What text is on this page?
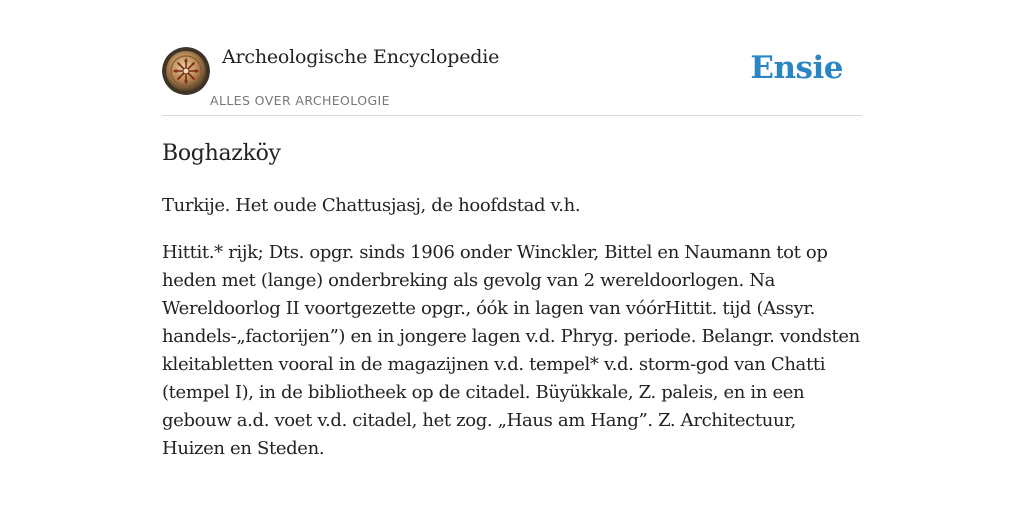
Archeologische Encyclopedie
ALLES OVER ARCHEOLOGIE
Ensie
Boghazköy

Turkije. Het oude Chattusjasj, de hoofdstad v.h.

Hittit.* rijk; Dts. opgr. sinds 1906 onder Winckler, Bittel en Naumann tot op heden met (lange) onderbreking als gevolg van 2 wereldoorlogen. Na Wereldoorlog II voortgezette opgr., óók in lagen van vóórHittit. tijd (Assyr. handels-„factorijen”) en in jongere lagen v.d. Phryg. periode. Belangr. vondsten kleitabletten vooral in de magazijnen v.d. tempel* v.d. storm-god van Chatti (tempel I), in de bibliotheek op de citadel. Büyükkale, Z. paleis, en in een gebouw a.d. voet v.d. citadel, het zog. „Haus am Hang”. Z. Architectuur, Huizen en Steden.
